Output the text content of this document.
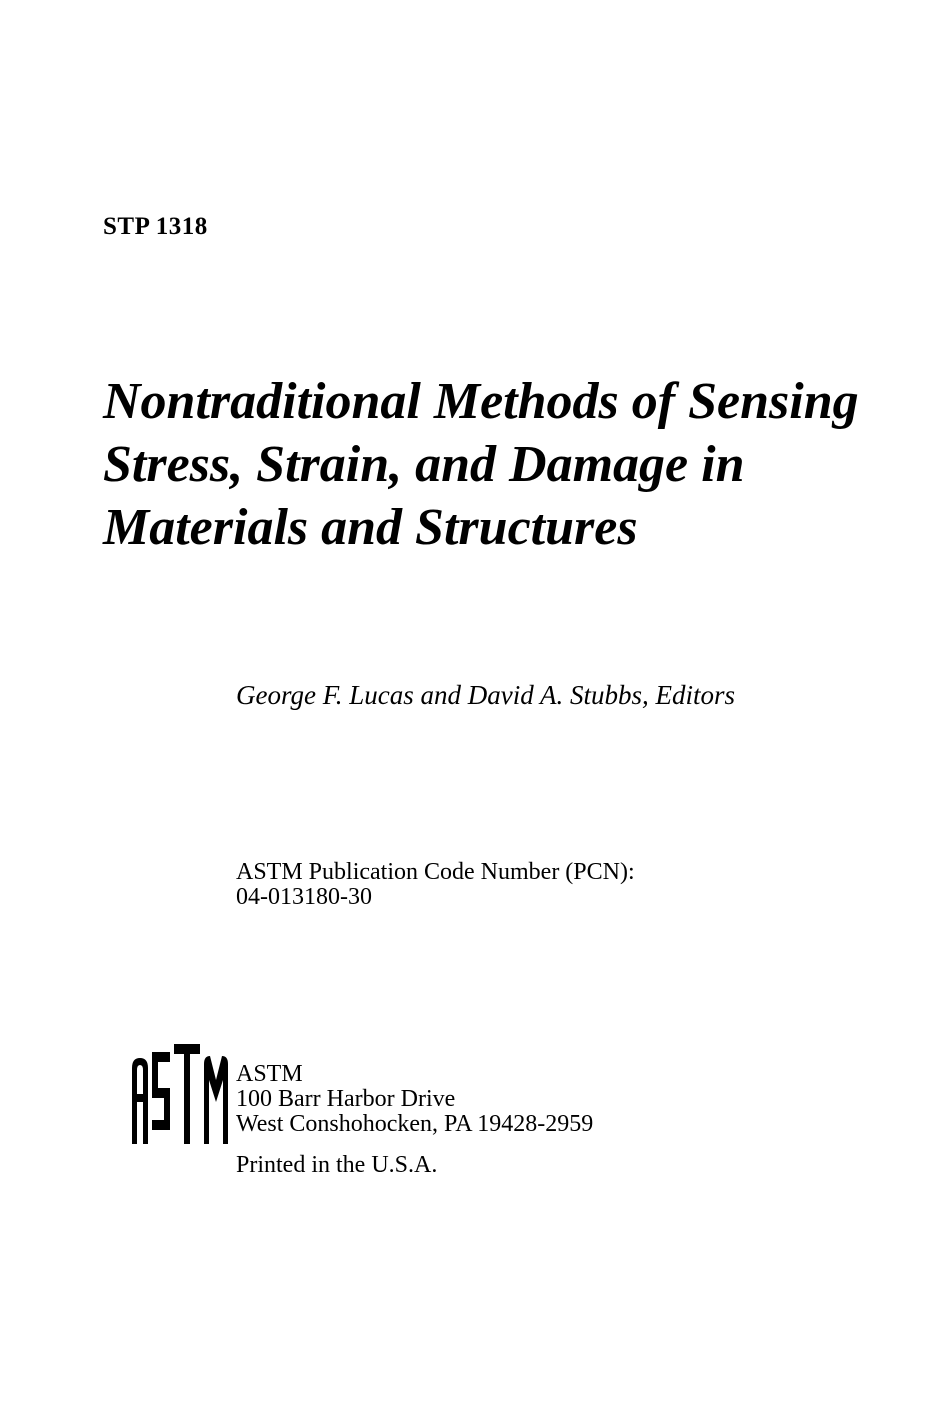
STP 1318
Nontraditional Methods of Sensing
Stress, Strain, and Damage in
Materials and Structures
George F. Lucas and David A. Stubbs, Editors
ASTM Publication Code Number (PCN):
04-013180-30
ASTM
100 Barr Harbor Drive
West Conshohocken, PA 19428-2959
Printed in the U.S.A.
